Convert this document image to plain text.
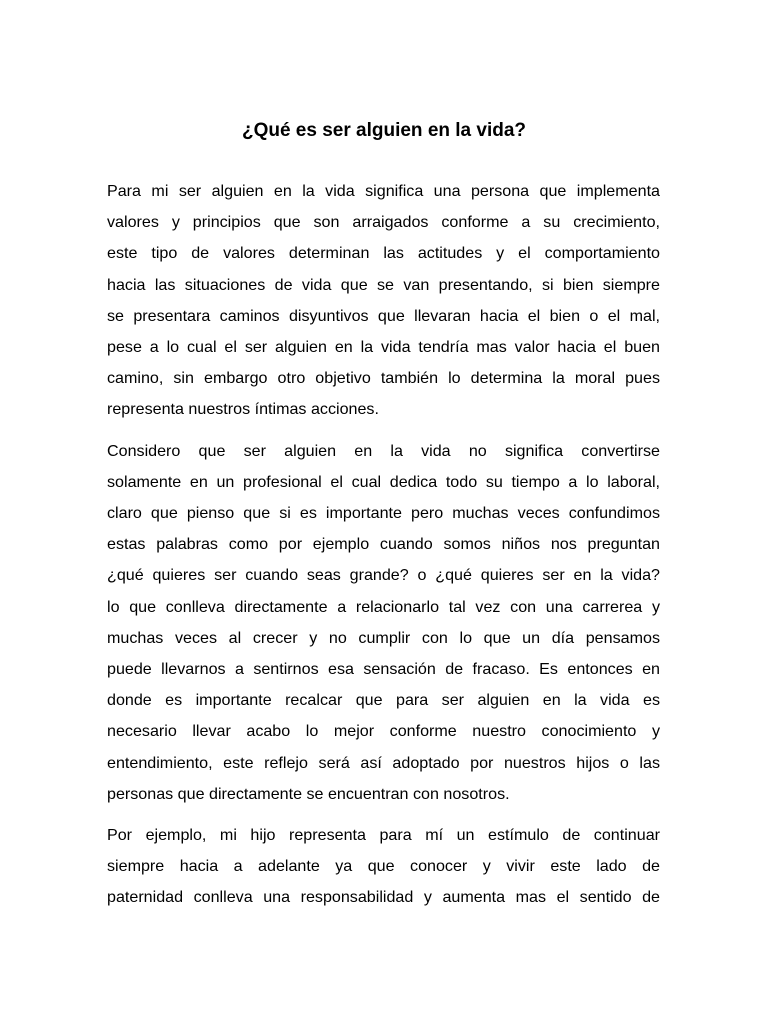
¿Qué es ser alguien en la vida?

Para mi ser alguien en la vida significa una persona que implementa
valores y principios que son arraigados conforme a su crecimiento,
este tipo de valores determinan las actitudes y el comportamiento
hacia las situaciones de vida que se van presentando, si bien siempre
se presentara caminos disyuntivos que llevaran hacia el bien o el mal,
pese a lo cual el ser alguien en la vida tendría mas valor hacia el buen
camino, sin embargo otro objetivo también lo determina la moral pues
representa nuestros íntimas acciones.

Considero que ser alguien en la vida no significa convertirse
solamente en un profesional el cual dedica todo su tiempo a lo laboral,
claro que pienso que si es importante pero muchas veces confundimos
estas palabras como por ejemplo cuando somos niños nos preguntan
¿qué quieres ser cuando seas grande? o ¿qué quieres ser en la vida?
lo que conlleva directamente a relacionarlo tal vez con una carrerea y
muchas veces al crecer y no cumplir con lo que un día pensamos
puede llevarnos a sentirnos esa sensación de fracaso. Es entonces en
donde es importante recalcar que para ser alguien en la vida es
necesario llevar acabo lo mejor conforme nuestro conocimiento y
entendimiento, este reflejo será así adoptado por nuestros hijos o las
personas que directamente se encuentran con nosotros.

Por ejemplo, mi hijo representa para mí un estímulo de continuar
siempre hacia a adelante ya que conocer y vivir este lado de
paternidad conlleva una responsabilidad y aumenta mas el sentido de
